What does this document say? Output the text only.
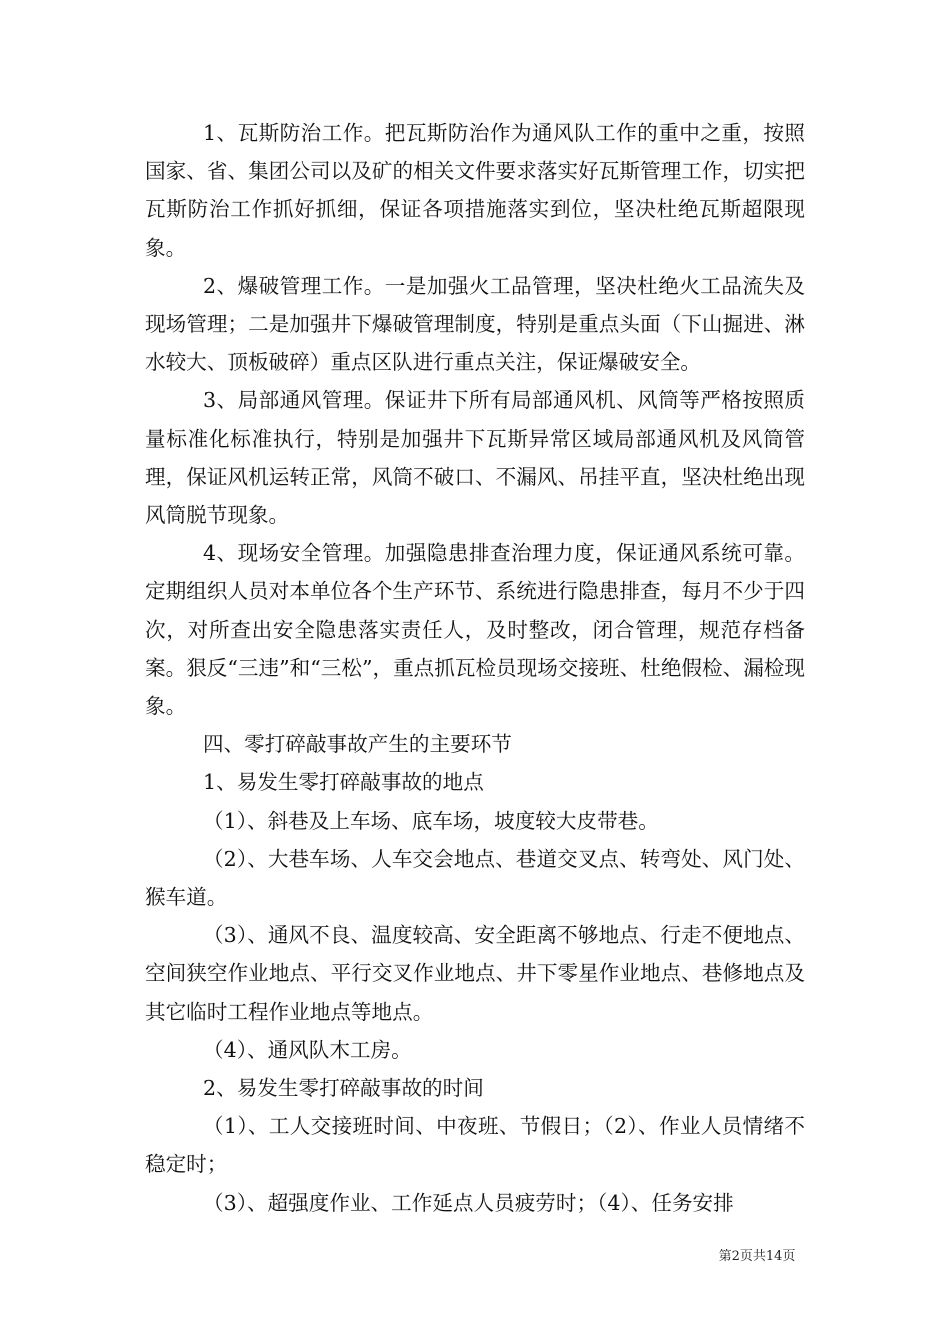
1、瓦斯防治工作。把瓦斯防治作为通风队工作的重中之重，按照国家、省、集团公司以及矿的相关文件要求落实好瓦斯管理工作，切实把瓦斯防治工作抓好抓细，保证各项措施落实到位，坚决杜绝瓦斯超限现象。

2、爆破管理工作。一是加强火工品管理，坚决杜绝火工品流失及现场管理；二是加强井下爆破管理制度，特别是重点头面（下山掘进、淋水较大、顶板破碎）重点区队进行重点关注，保证爆破安全。

3、局部通风管理。保证井下所有局部通风机、风筒等严格按照质量标准化标准执行，特别是加强井下瓦斯异常区域局部通风机及风筒管理，保证风机运转正常，风筒不破口、不漏风、吊挂平直，坚决杜绝出现风筒脱节现象。

4、现场安全管理。加强隐患排查治理力度，保证通风系统可靠。定期组织人员对本单位各个生产环节、系统进行隐患排查，每月不少于四次，对所查出安全隐患落实责任人，及时整改，闭合管理，规范存档备案。狠反“三违”和“三松”，重点抓瓦检员现场交接班、杜绝假检、漏检现象。

四、零打碎敲事故产生的主要环节

1、易发生零打碎敲事故的地点

（1）、斜巷及上车场、底车场，坡度较大皮带巷。

（2）、大巷车场、人车交会地点、巷道交叉点、转弯处、风门处、猴车道。

（3）、通风不良、温度较高、安全距离不够地点、行走不便地点、空间狭空作业地点、平行交叉作业地点、井下零星作业地点、巷修地点及其它临时工程作业地点等地点。

（4）、通风队木工房。

2、易发生零打碎敲事故的时间

（1）、工人交接班时间、中夜班、节假日；（2）、作业人员情绪不稳定时；

（3）、超强度作业、工作延点人员疲劳时；（4）、任务安排

第2页共14页
